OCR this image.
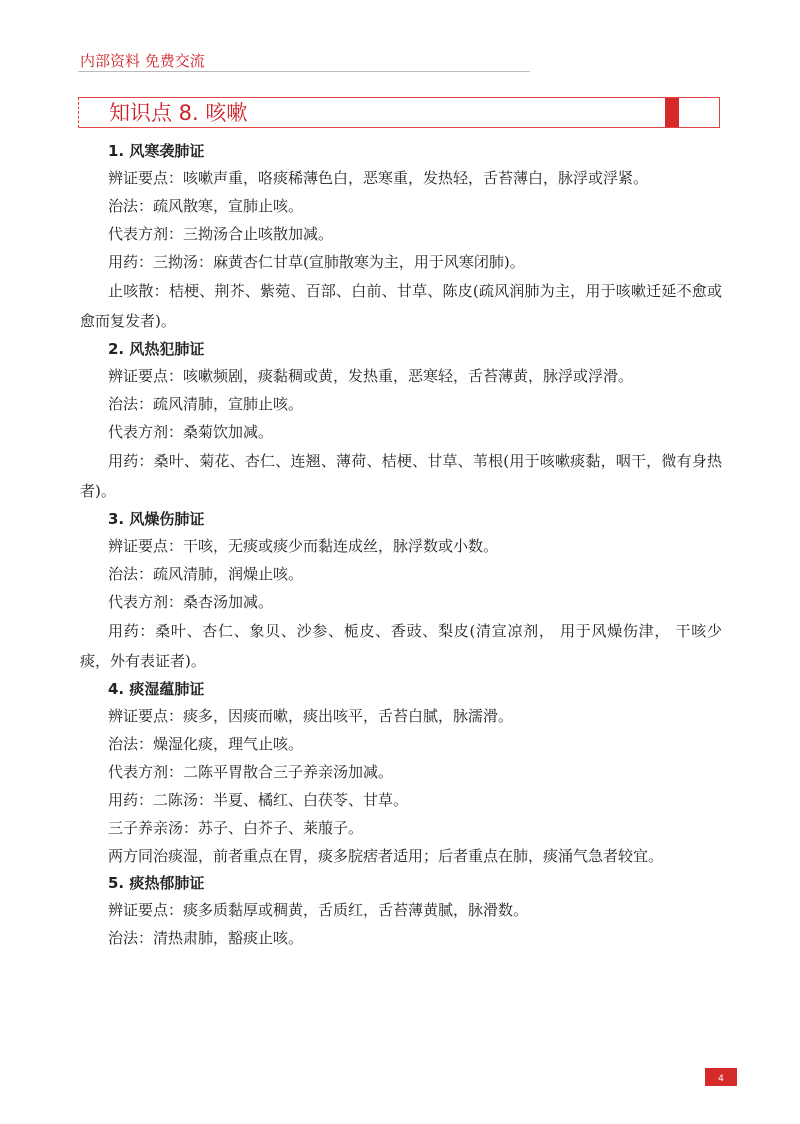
内部资料 免费交流
知识点 8. 咳嗽
1. 风寒袭肺证
辨证要点：咳嗽声重，咯痰稀薄色白，恶寒重，发热轻，舌苔薄白，脉浮或浮紧。
治法：疏风散寒，宣肺止咳。
代表方剂：三拗汤合止咳散加减。
用药：三拗汤：麻黄杏仁甘草(宣肺散寒为主，用于风寒闭肺)。
止咳散：桔梗、荆芥、紫菀、百部、白前、甘草、陈皮(疏风润肺为主，用于咳嗽迁延不愈或愈而复发者)。
2. 风热犯肺证
辨证要点：咳嗽频剧，痰黏稠或黄，发热重，恶寒轻，舌苔薄黄，脉浮或浮滑。
治法：疏风清肺，宣肺止咳。
代表方剂：桑菊饮加减。
用药：桑叶、菊花、杏仁、连翘、薄荷、桔梗、甘草、苇根(用于咳嗽痰黏，咽干，微有身热者)。
3. 风燥伤肺证
辨证要点：干咳，无痰或痰少而黏连成丝，脉浮数或小数。
治法：疏风清肺，润燥止咳。
代表方剂：桑杏汤加减。
用药：桑叶、杏仁、象贝、沙参、栀皮、香豉、梨皮(清宣凉剂， 用于风燥伤津， 干咳少痰，外有表证者)。
4. 痰湿蕴肺证
辨证要点：痰多，因痰而嗽，痰出咳平，舌苔白腻，脉濡滑。
治法：燥湿化痰，理气止咳。
代表方剂：二陈平胃散合三子养亲汤加减。
用药：二陈汤：半夏、橘红、白茯苓、甘草。
三子养亲汤：苏子、白芥子、莱菔子。
两方同治痰湿，前者重点在胃，痰多脘痞者适用；后者重点在肺，痰涌气急者较宜。
5. 痰热郁肺证
辨证要点：痰多质黏厚或稠黄，舌质红，舌苔薄黄腻，脉滑数。
治法：清热肃肺，豁痰止咳。
4
